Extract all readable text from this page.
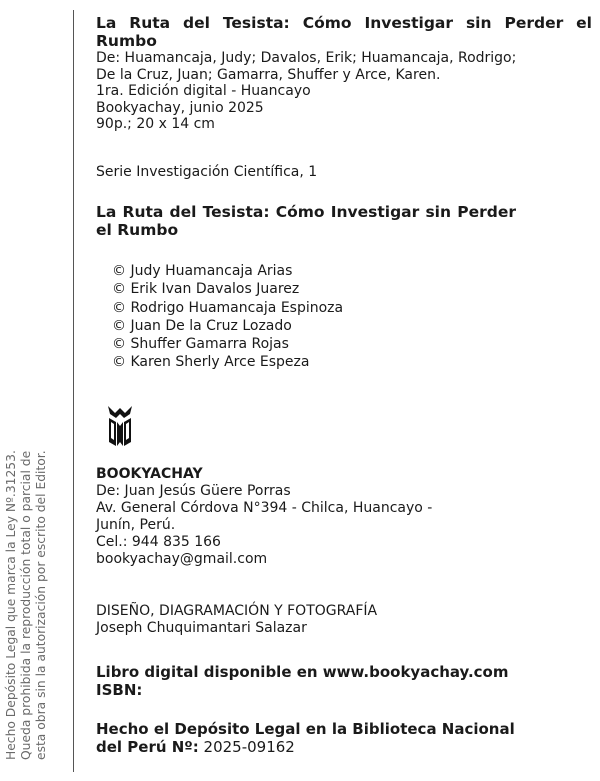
Hecho Depósito Legal que marca la Ley Nº.31253. Queda prohibida la reproducción total o parcial de esta obra sin la autorización por escrito del Editor.
La Ruta del Tesista: Cómo Investigar sin Perder el Rumbo
De: Huamancaja, Judy; Davalos, Erik; Huamancaja, Rodrigo;
De la Cruz, Juan; Gamarra, Shuffer y Arce, Karen.
1ra. Edición digital - Huancayo
Bookyachay, junio 2025
90p.; 20 x 14 cm
Serie Investigación Científica, 1
La Ruta del Tesista: Cómo Investigar sin Perder el Rumbo
© Judy Huamancaja Arias
© Erik Ivan Davalos Juarez
© Rodrigo Huamancaja Espinoza
© Juan De la Cruz Lozado
© Shuffer Gamarra Rojas
© Karen Sherly Arce Espeza
BOOKYACHAY
De: Juan Jesús Güere Porras
Av. General Córdova N°394 - Chilca, Huancayo -
Junín, Perú.
Cel.: 944 835 166
bookyachay@gmail.com
DISEÑO, DIAGRAMACIÓN Y FOTOGRAFÍA
Joseph Chuquimantari Salazar
Libro digital disponible en www.bookyachay.com
ISBN:
Hecho el Depósito Legal en la Biblioteca Nacional
del Perú Nº: 2025-09162
